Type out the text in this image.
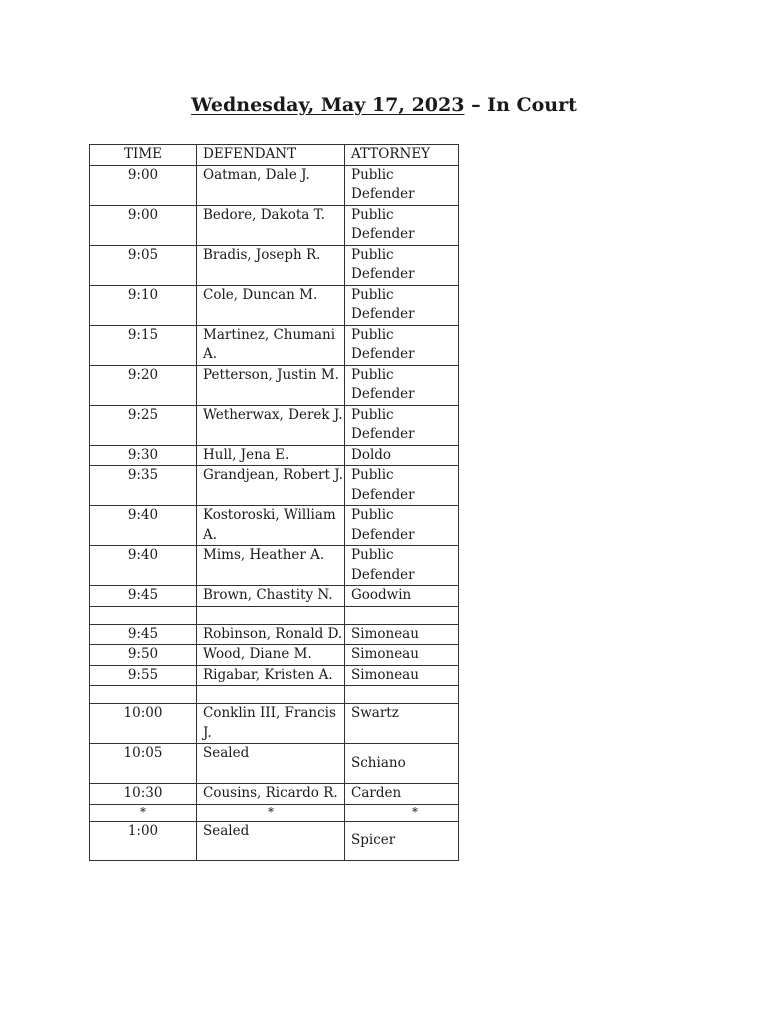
Wednesday, May 17, 2023 – In Court
TIME	DEFENDANT	ATTORNEY
9:00	Oatman, Dale J.	Public Defender
9:00	Bedore, Dakota T.	Public Defender
9:05	Bradis, Joseph R.	Public Defender
9:10	Cole, Duncan M.	Public Defender
9:15	Martinez, Chumani A.	Public Defender
9:20	Petterson, Justin M.	Public Defender
9:25	Wetherwax, Derek J.	Public Defender
9:30	Hull, Jena E.	Doldo
9:35	Grandjean, Robert J.	Public Defender
9:40	Kostoroski, William A.	Public Defender
9:40	Mims, Heather A.	Public Defender
9:45	Brown, Chastity N.	Goodwin

9:45	Robinson, Ronald D.	Simoneau
9:50	Wood, Diane M.	Simoneau
9:55	Rigabar, Kristen A.	Simoneau

10:00	Conklin III, Francis J.	Swartz
10:05	Sealed	Schiano
10:30	Cousins, Ricardo R.	Carden
*	*	*
1:00	Sealed	Spicer
